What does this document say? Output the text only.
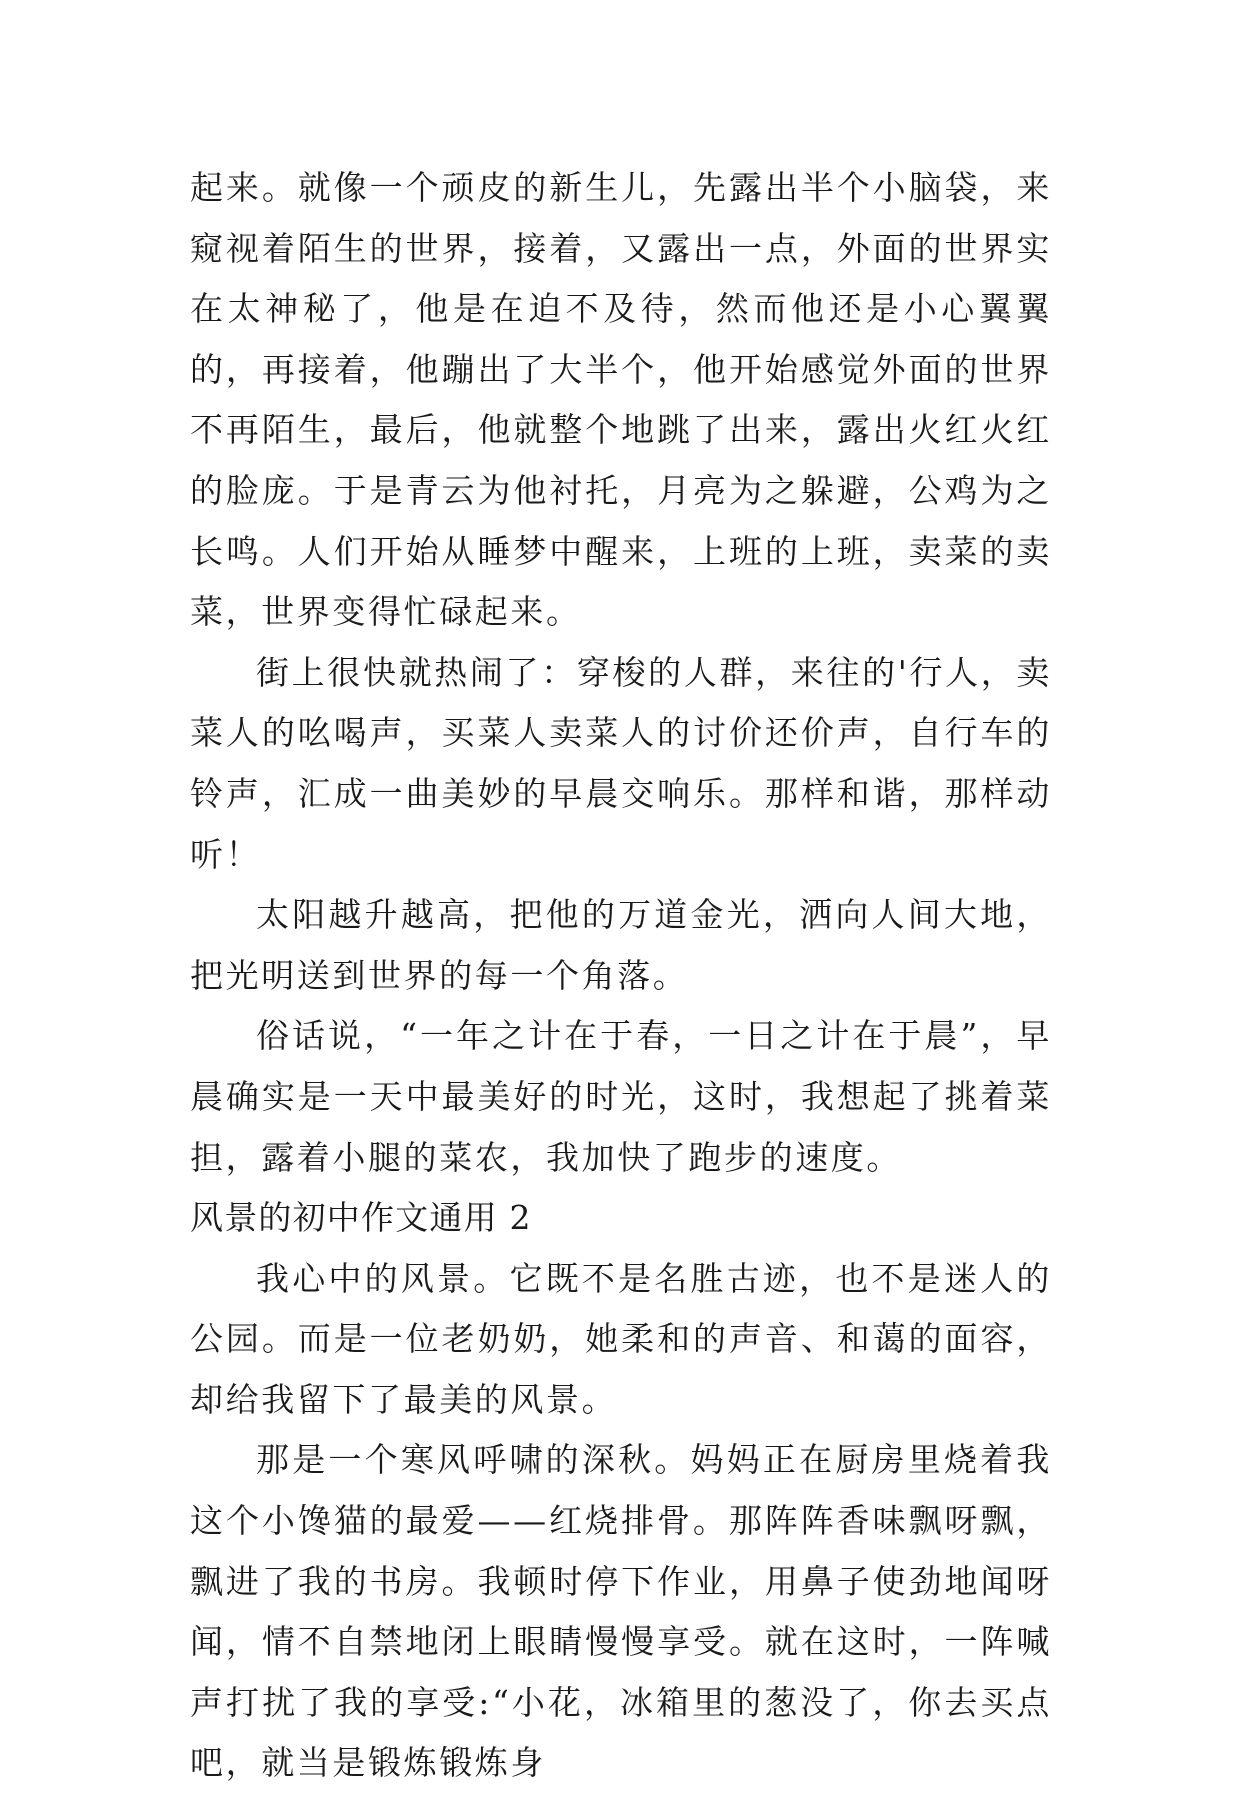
起来。就像一个顽皮的新生儿，先露出半个小脑袋，来窥视着陌生的世界，接着，又露出一点，外面的世界实在太神秘了，他是在迫不及待，然而他还是小心翼翼的，再接着，他蹦出了大半个，他开始感觉外面的世界不再陌生，最后，他就整个地跳了出来，露出火红火红的脸庞。于是青云为他衬托，月亮为之躲避，公鸡为之长鸣。人们开始从睡梦中醒来，上班的上班，卖菜的卖菜，世界变得忙碌起来。

街上很快就热闹了：穿梭的人群，来往的'行人，卖菜人的吆喝声，买菜人卖菜人的讨价还价声，自行车的铃声，汇成一曲美妙的早晨交响乐。那样和谐，那样动听！

太阳越升越高，把他的万道金光，洒向人间大地，把光明送到世界的每一个角落。

俗话说，“一年之计在于春，一日之计在于晨”，早晨确实是一天中最美好的时光，这时，我想起了挑着菜担，露着小腿的菜农，我加快了跑步的速度。

风景的初中作文通用 2

我心中的风景。它既不是名胜古迹，也不是迷人的公园。而是一位老奶奶，她柔和的声音、和蔼的面容，却给我留下了最美的风景。

那是一个寒风呼啸的深秋。妈妈正在厨房里烧着我这个小馋猫的最爱——红烧排骨。那阵阵香味飘呀飘，飘进了我的书房。我顿时停下作业，用鼻子使劲地闻呀闻，情不自禁地闭上眼睛慢慢享受。就在这时，一阵喊声打扰了我的享受:“小花，冰箱里的葱没了，你去买点吧，就当是锻炼锻炼身
